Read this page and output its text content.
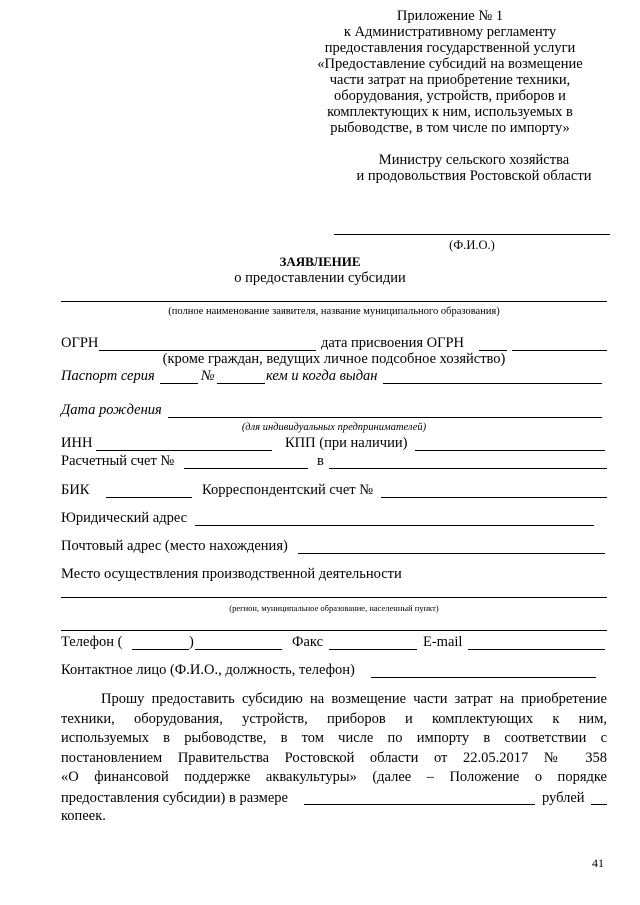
Приложение № 1
к Административному регламенту
предоставления государственной услуги
«Предоставление субсидий на возмещение
части затрат на приобретение техники,
оборудования, устройств, приборов и
комплектующих к ним, используемых в
рыбоводстве, в том числе по импорту»
Министру сельского хозяйства
и продовольствия Ростовской области
(Ф.И.О.)
ЗАЯВЛЕНИЕ
о предоставлении субсидии
(полное наименование заявителя, название муниципального образования)
ОГРН	дата присвоения ОГРН
(кроме граждан, ведущих личное подсобное хозяйство)
Паспорт серия	№	кем и когда выдан
Дата рождения
(для индивидуальных предпринимателей)
ИНН	КПП (при наличии)
Расчетный счет №	в
БИК	Корреспондентский счет №
Юридический адрес
Почтовый адрес (место нахождения)
Место осуществления производственной деятельности
(регион, муниципальное образование, населенный пункт)
Телефон (	)	Факс	E-mail
Контактное лицо (Ф.И.О., должность, телефон)
Прошу предоставить субсидию на возмещение части затрат на приобретение
техники, оборудования, устройств, приборов и комплектующих к ним,
используемых в рыбоводстве, в том числе по импорту в соответствии с
постановлением Правительства Ростовской области от 22.05.2017 № 358
«О финансовой поддержке аквакультуры» (далее – Положение о порядке
предоставления субсидии) в размере	рублей
копеек.
41
